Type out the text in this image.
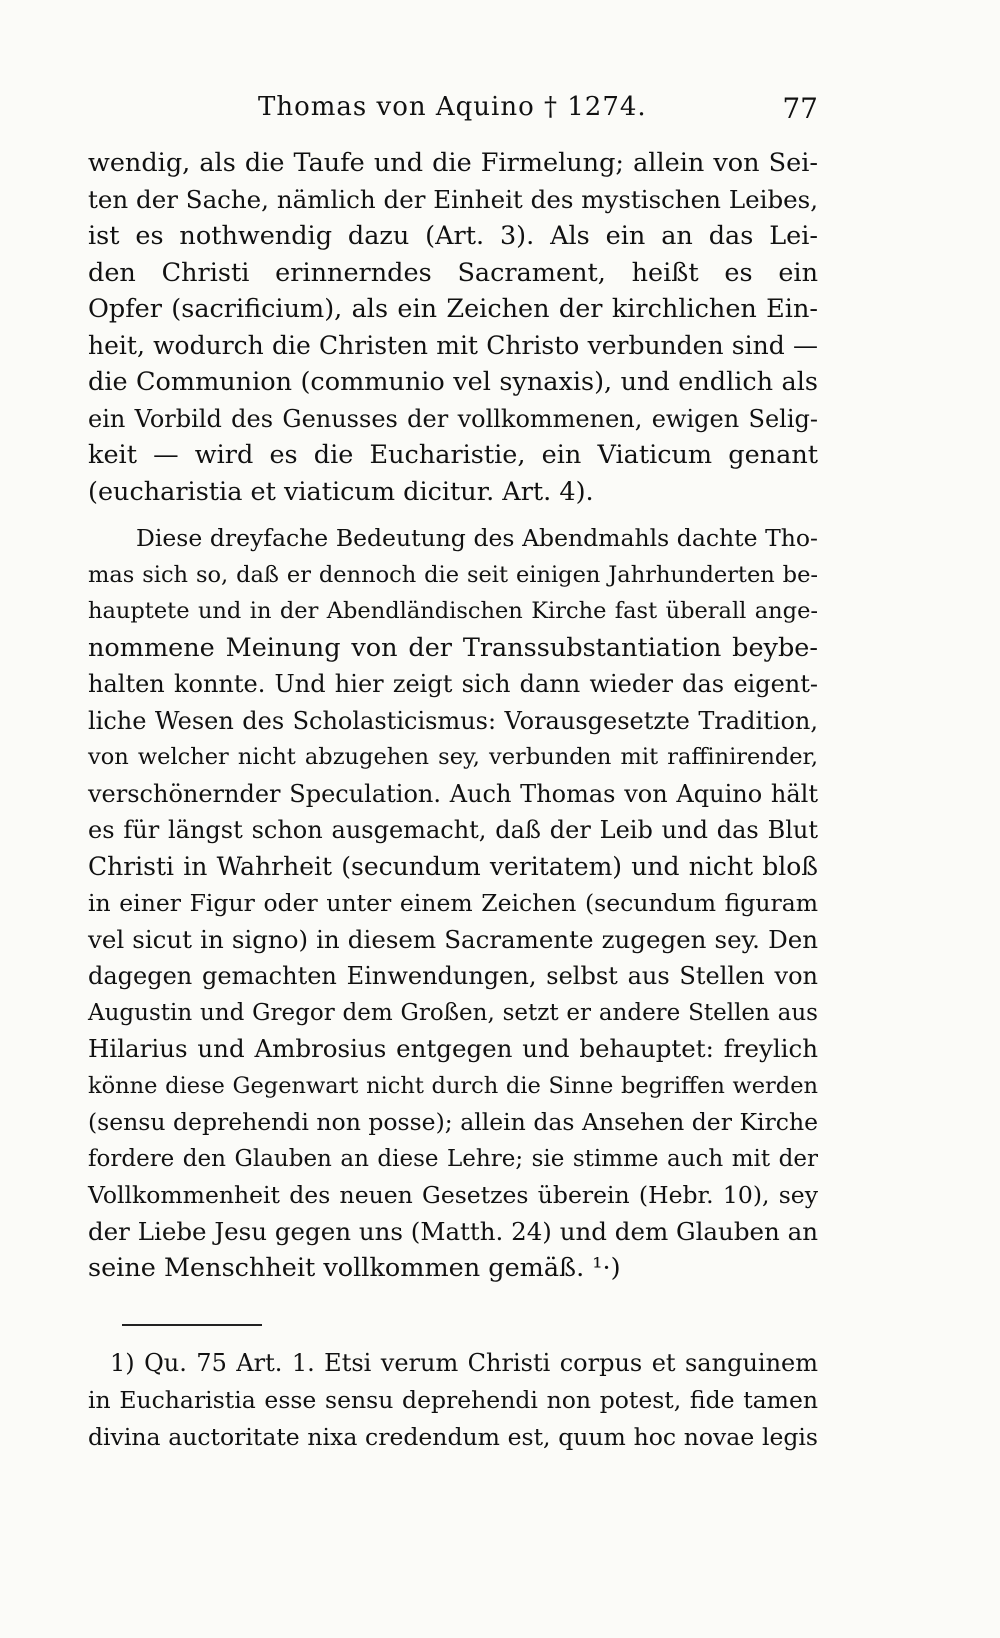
Thomas von Aquino † 1274.	77
wendig, als die Taufe und die Firmelung; allein von Sei-
ten der Sache, nämlich der Einheit des mystischen Leibes,
ist es nothwendig dazu (Art. 3). Als ein an das Lei-
den Christi erinnerndes Sacrament, heißt es ein
Opfer (sacrificium), als ein Zeichen der kirchlichen Ein-
heit, wodurch die Christen mit Christo verbunden sind —
die Communion (communio vel synaxis), und endlich als
ein Vorbild des Genusses der vollkommenen, ewigen Selig-
keit — wird es die Eucharistie, ein Viaticum genant
(eucharistia et viaticum dicitur. Art. 4).
Diese dreyfache Bedeutung des Abendmahls dachte Tho-
mas sich so, daß er dennoch die seit einigen Jahrhunderten be-
hauptete und in der Abendländischen Kirche fast überall ange-
nommene Meinung von der Transsubstantiation beybe-
halten konnte. Und hier zeigt sich dann wieder das eigent-
liche Wesen des Scholasticismus: Vorausgesetzte Tradition,
von welcher nicht abzugehen sey, verbunden mit raffinirender,
verschönernder Speculation. Auch Thomas von Aquino hält
es für längst schon ausgemacht, daß der Leib und das Blut
Christi in Wahrheit (secundum veritatem) und nicht bloß
in einer Figur oder unter einem Zeichen (secundum figuram
vel sicut in signo) in diesem Sacramente zugegen sey. Den
dagegen gemachten Einwendungen, selbst aus Stellen von
Augustin und Gregor dem Großen, setzt er andere Stellen aus
Hilarius und Ambrosius entgegen und behauptet: freylich
könne diese Gegenwart nicht durch die Sinne begriffen werden
(sensu deprehendi non posse); allein das Ansehen der Kirche
fordere den Glauben an diese Lehre; sie stimme auch mit der
Vollkommenheit des neuen Gesetzes überein (Hebr. 10), sey
der Liebe Jesu gegen uns (Matth. 24) und dem Glauben an
seine Menschheit vollkommen gemäß. ¹·)
1) Qu. 75 Art. 1. Etsi verum Christi corpus et sanguinem
in Eucharistia esse sensu deprehendi non potest, fide tamen
divina auctoritate nixa credendum est, quum hoc novae legis
